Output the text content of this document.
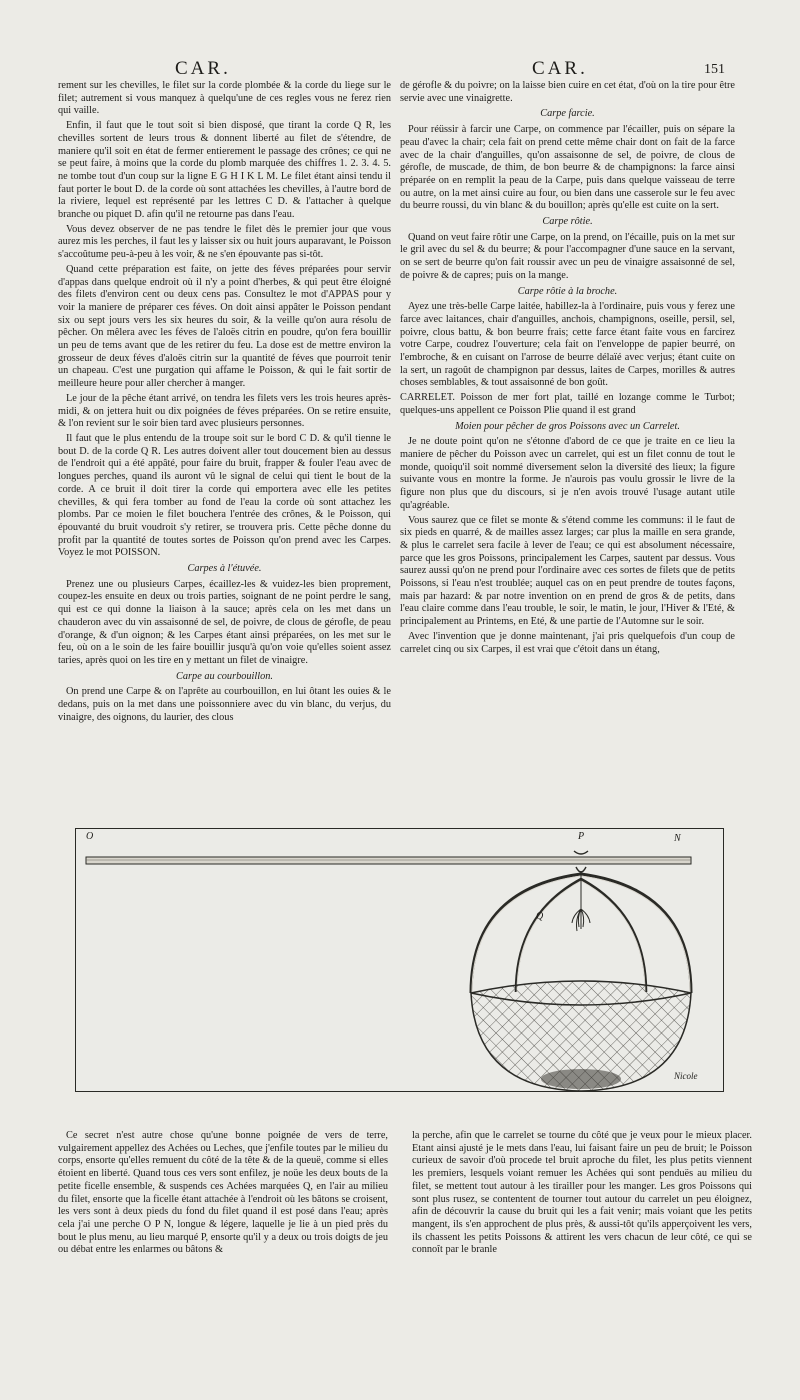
CAR.	CAR.	151

rement sur les chevilles, le filet sur la corde plombée & la corde du liege sur le filet; autrement si vous manquez à quelqu'une de ces regles vous ne ferez rien qui vaille.

Enfin, il faut que le tout soit si bien disposé, que tirant la corde Q R, les chevilles sortent de leurs trous & donnent liberté au filet de s'étendre, de maniere qu'il soit en état de fermer entierement le passage des crônes; ce qui ne se peut faire, à moins que la corde du plomb marquée des chiffres 1. 2. 3. 4. 5. ne tombe tout d'un coup sur la ligne E G H I K L M. Le filet étant ainsi tendu il faut porter le bout D. de la corde où sont attachées les chevilles, à l'autre bord de la riviere, lequel est représenté par les lettres C D. & l'attacher à quelque branche ou piquet D. afin qu'il ne retourne pas dans l'eau.

Vous devez observer de ne pas tendre le filet dès le premier jour que vous aurez mis les perches, il faut les y laisser six ou huit jours auparavant, le Poisson s'accoûtume peu-à-peu à les voir, & ne s'en épouvante pas si-tôt.

Quand cette préparation est faite, on jette des féves préparées pour servir d'appas dans quelque endroit où il n'y a point d'herbes, & qui peut être éloigné des filets d'environ cent ou deux cens pas. Consultez le mot d'APPAS pour y voir la maniere de préparer ces féves. On doit ainsi appâter le Poisson pendant six ou sept jours vers les six heures du soir, & la veille qu'on aura résolu de pêcher. On mêlera avec les féves de l'aloës citrin en poudre, qu'on fera bouillir un peu de tems avant que de les retirer du feu. La dose est de mettre environ la grosseur de deux féves d'aloës citrin sur la quantité de féves que pourroit tenir un chapeau. C'est une purgation qui affame le Poisson, & qui le fait sortir de meilleure heure pour aller chercher à manger.

Le jour de la pêche étant arrivé, on tendra les filets vers les trois heures après-midi, & on jettera huit ou dix poignées de féves préparées. On se retire ensuite, & l'on revient sur le soir bien tard avec plusieurs personnes.

Il faut que le plus entendu de la troupe soit sur le bord C D. & qu'il tienne le bout D. de la corde Q R. Les autres doivent aller tout doucement bien au dessus de l'endroit qui a été appâté, pour faire du bruit, frapper & fouler l'eau avec de longues perches, quand ils auront vû le signal de celui qui tient le bout de la corde. A ce bruit il doit tirer la corde qui emportera avec elle les petites chevilles, & qui fera tomber au fond de l'eau la corde où sont attachez les plombs. Par ce moien le filet bouchera l'entrée des crônes, & le Poisson, qui épouvanté du bruit voudroit s'y retirer, se trouvera pris. Cette pêche donne du profit par la quantité de toutes sortes de Poisson qu'on prend avec les Carpes. Voyez le mot POISSON.

Carpes à l'étuvée.

Prenez une ou plusieurs Carpes, écaillez-les & vuidez-les bien proprement, coupez-les ensuite en deux ou trois parties, soignant de ne point perdre le sang, qui est ce qui donne la liaison à la sauce; après cela on les met dans un chauderon avec du vin assaisonné de sel, de poivre, de clous de gérofle, de peau d'orange, & d'un oignon; & les Carpes étant ainsi préparées, on les met sur le feu, où on a le soin de les faire bouillir jusqu'à qu'on voie qu'elles soient assez taries, après quoi on les tire en y mettant un filet de vinaigre.

Carpe au courbouillon.

On prend une Carpe & on l'aprête au courbouillon, en lui ôtant les ouies & le dedans, puis on la met dans une poissonniere avec du vin blanc, du verjus, du vinaigre, des oignons, du laurier, des clous

de gérofle & du poivre; on la laisse bien cuire en cet état, d'où on la tire pour être servie avec une vinaigrette.

Carpe farcie.

Pour réüssir à farcir une Carpe, on commence par l'écailler, puis on sépare la peau d'avec la chair; cela fait on prend cette même chair dont on fait de la farce avec de la chair d'anguilles, qu'on assaisonne de sel, de poivre, de clous de gérofle, de muscade, de thim, de bon beurre & de champignons: la farce ainsi préparée on en remplit la peau de la Carpe, puis dans quelque vaisseau de terre ou autre, on la met ainsi cuire au four, ou bien dans une casserole sur le feu avec du beurre roussi, du vin blanc & du bouillon; après qu'elle est cuite on la sert.

Carpe rôtie.

Quand on veut faire rôtir une Carpe, on la prend, on l'écaille, puis on la met sur le gril avec du sel & du beurre; & pour l'accompagner d'une sauce en la servant, on se sert de beurre qu'on fait roussir avec un peu de vinaigre assaisonné de sel, de poivre & de capres; puis on la mange.

Carpe rôtie à la broche.

Ayez une très-belle Carpe laitée, habillez-la à l'ordinaire, puis vous y ferez une farce avec laitances, chair d'anguilles, anchois, champignons, oseille, persil, sel, poivre, clous battu, & bon beurre frais; cette farce étant faite vous en farcirez votre Carpe, coudrez l'ouverture; cela fait on l'enveloppe de papier beurré, on l'embroche, & en cuisant on l'arrose de beurre délaïé avec verjus; étant cuite on la sert, un ragoût de champignon par dessus, laites de Carpes, morilles & autres choses semblables, & tout assaisonné de bon goût.

CARRELET. Poisson de mer fort plat, taillé en lozange comme le Turbot; quelques-uns appellent ce Poisson Plie quand il est grand

Moien pour pêcher de gros Poissons avec un Carrelet.

Je ne doute point qu'on ne s'étonne d'abord de ce que je traite en ce lieu la maniere de pêcher du Poisson avec un carrelet, qui est un filet connu de tout le monde, quoiqu'il soit nommé diversement selon la diversité des lieux; la figure suivante vous en montre la forme. Je n'aurois pas voulu grossir le livre de la figure non plus que du discours, si je n'en avois trouvé l'usage autant utile qu'agréable.

Vous saurez que ce filet se monte & s'étend comme les communs: il le faut de six pieds en quarré, & de mailles assez larges; car plus la maille en sera grande, & plus le carrelet sera facile à lever de l'eau; ce qui est absolument nécessaire, parce que les gros Poissons, principalement les Carpes, sautent par dessus. Vous saurez aussi qu'on ne prend pour l'ordinaire avec ces sortes de filets que de petits Poissons, si l'eau n'est troublée; auquel cas on en peut prendre de toutes façons, mais par hazard: & par notre invention on en prend de gros & de petits, dans l'eau claire comme dans l'eau trouble, le soir, le matin, le jour, l'Hiver & l'Eté, & principalement au Printems, en Eté, & une partie de l'Automne sur le soir.

Avec l'invention que je donne maintenant, j'ai pris quelquefois d'un coup de carrelet cinq ou six Carpes, il est vrai que c'étoit dans un étang,

O	P	N
Q
Nicole

Ce secret n'est autre chose qu'une bonne poignée de vers de terre, vulgairement appellez des Achées ou Leches, que j'enfile toutes par le milieu du corps, ensorte qu'elles remuent du côté de la tête & de la queuë, comme si elles étoient en liberté. Quand tous ces vers sont enfilez, je noüe les deux bouts de la petite ficelle ensemble, & suspends ces Achées marquées Q, en l'air au milieu du filet, ensorte que la ficelle étant attachée à l'endroit où les bâtons se croisent, les vers sont à deux pieds du fond du filet quand il est posé dans l'eau; après cela j'ai une perche O P N, longue & légere, laquelle je lie à un pied près du bout le plus menu, au lieu marqué P, ensorte qu'il y a deux ou trois doigts de jeu ou débat entre les enlarmes ou bâtons &

la perche, afin que le carrelet se tourne du côté que je veux pour le mieux placer. Etant ainsi ajusté je le mets dans l'eau, lui faisant faire un peu de bruit; le Poisson curieux de savoir d'où procede tel bruit aproche du filet, les plus petits viennent les premiers, lesquels voiant remuer les Achées qui sont penduës au milieu du filet, se mettent tout autour à les tirailler pour les manger. Les gros Poissons qui sont plus rusez, se contentent de tourner tout autour du carrelet un peu éloignez, afin de découvrir la cause du bruit qui les a fait venir; mais voiant que les petits mangent, ils s'en approchent de plus près, & aussi-tôt qu'ils apperçoivent les vers, ils chassent les petits Poissons & attirent les vers chacun de leur côté, ce qui se connoît par le branle
